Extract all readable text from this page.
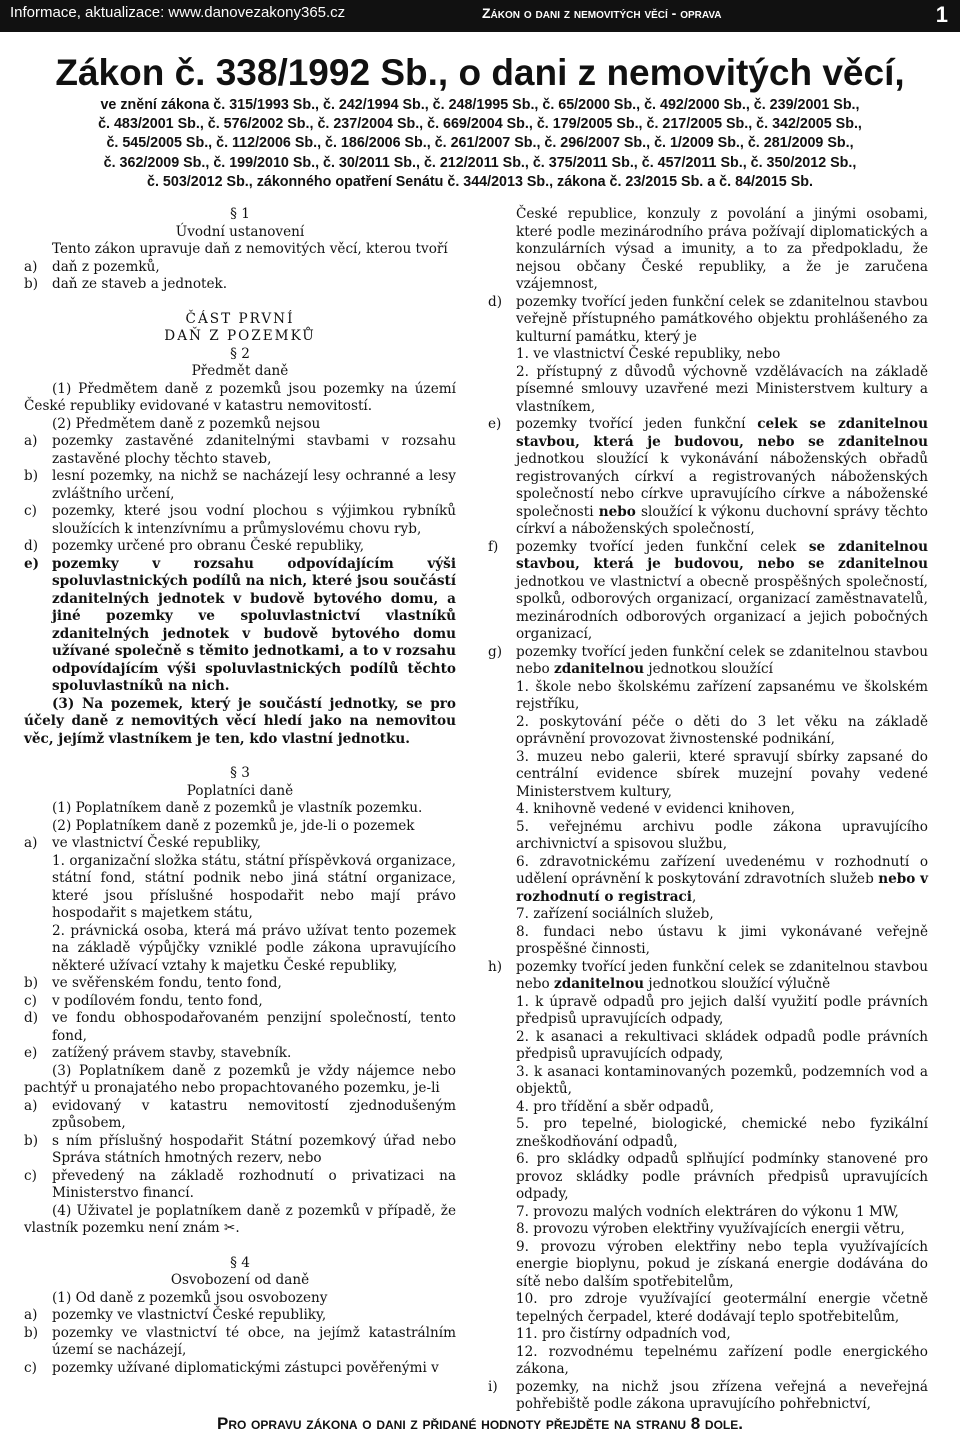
Informace, aktualizace: www.danovezakony365.cz	Zákon o dani z nemovitých věcí - oprava	1
Zákon č. 338/1992 Sb., o dani z nemovitých věcí,
ve znění zákona č. 315/1993 Sb., č. 242/1994 Sb., č. 248/1995 Sb., č. 65/2000 Sb., č. 492/2000 Sb., č. 239/2001 Sb.,
č. 483/2001 Sb., č. 576/2002 Sb., č. 237/2004 Sb., č. 669/2004 Sb., č. 179/2005 Sb., č. 217/2005 Sb., č. 342/2005 Sb.,
č. 545/2005 Sb., č. 112/2006 Sb., č. 186/2006 Sb., č. 261/2007 Sb., č. 296/2007 Sb., č. 1/2009 Sb., č. 281/2009 Sb.,
č. 362/2009 Sb., č. 199/2010 Sb., č. 30/2011 Sb., č. 212/2011 Sb., č. 375/2011 Sb., č. 457/2011 Sb., č. 350/2012 Sb.,
č. 503/2012 Sb., zákonného opatření Senátu č. 344/2013 Sb., zákona č. 23/2015 Sb. a č. 84/2015 Sb.
§ 1
Úvodní ustanovení
Tento zákon upravuje daň z nemovitých věcí, kterou tvoří
a) daň z pozemků,
b) daň ze staveb a jednotek.
ČÁST PRVNÍ
DAŇ Z POZEMKŮ
§ 2
Předmět daně
(1) Předmětem daně z pozemků jsou pozemky na území České republiky evidované v katastru nemovitostí.
(2) Předmětem daně z pozemků nejsou
a) pozemky zastavěné zdanitelnými stavbami v rozsahu zastavěné plochy těchto staveb,
b) lesní pozemky, na nichž se nacházejí lesy ochranné a lesy zvláštního určení,
c) pozemky, které jsou vodní plochou s výjimkou rybníků sloužících k intenzívnímu a průmyslovému chovu ryb,
d) pozemky určené pro obranu České republiky,
e) pozemky v rozsahu odpovídajícím výši spoluvlastnických podílů na nich, které jsou součástí zdanitelných jednotek v budově bytového domu, a jiné pozemky ve spoluvlastnictví vlastníků zdanitelných jednotek v budově bytového domu užívané společně s těmito jednotkami, a to v rozsahu odpovídajícím výši spoluvlastnických podílů těchto spoluvlastníků na nich.
(3) Na pozemek, který je součástí jednotky, se pro účely daně z nemovitých věcí hledí jako na nemovitou věc, jejímž vlastníkem je ten, kdo vlastní jednotku.
§ 3
Poplatníci daně
(1) Poplatníkem daně z pozemků je vlastník pozemku.
(2) Poplatníkem daně z pozemků je, jde-li o pozemek
a) ve vlastnictví České republiky,
1. organizační složka státu, státní příspěvková organizace, státní fond, státní podnik nebo jiná státní organizace, které jsou příslušné hospodařit nebo mají právo hospodařit s majetkem státu,
2. právnická osoba, která má právo užívat tento pozemek na základě výpůjčky vzniklé podle zákona upravujícího některé užívací vztahy k majetku České republiky,
b) ve svěřenském fondu, tento fond,
c) v podílovém fondu, tento fond,
d) ve fondu obhospodařovaném penzijní společností, tento fond,
e) zatížený právem stavby, stavebník.
(3) Poplatníkem daně z pozemků je vždy nájemce nebo pachtýř u pronajatého nebo propachtovaného pozemku, je-li
a) evidovaný v katastru nemovitostí zjednodušeným způsobem,
b) s ním příslušný hospodařit Státní pozemkový úřad nebo Správa státních hmotných rezerv, nebo
c) převedený na základě rozhodnutí o privatizaci na Ministerstvo financí.
(4) Uživatel je poplatníkem daně z pozemků v případě, že vlastník pozemku není znám ✂.
§ 4
Osvobození od daně
(1) Od daně z pozemků jsou osvobozeny
a) pozemky ve vlastnictví České republiky,
b) pozemky ve vlastnictví té obce, na jejímž katastrálním území se nacházejí,
c) pozemky užívané diplomatickými zástupci pověřenými v
České republice, konzuly z povolání a jinými osobami, které podle mezinárodního práva požívají diplomatických a konzulárních výsad a imunity, a to za předpokladu, že nejsou občany České republiky, a že je zaručena vzájemnost,
d) pozemky tvořící jeden funkční celek se zdanitelnou stavbou veřejně přístupného památkového objektu prohlášeného za kulturní památku, který je
1. ve vlastnictví České republiky, nebo
2. přístupný z důvodů výchovně vzdělávacích na základě písemné smlouvy uzavřené mezi Ministerstvem kultury a vlastníkem,
e) pozemky tvořící jeden funkční celek se zdanitelnou stavbou, která je budovou, nebo se zdanitelnou jednotkou sloužící k vykonávání náboženských obřadů registrovaných církví a registrovaných náboženských společností nebo církve upravujícího církve a náboženské společnosti nebo sloužící k výkonu duchovní správy těchto církví a náboženských společností,
f) pozemky tvořící jeden funkční celek se zdanitelnou stavbou, která je budovou, nebo se zdanitelnou jednotkou ve vlastnictví a obecně prospěšných společností, spolků, odborových organizací, organizací zaměstnavatelů, mezinárodních odborových organizací a jejich pobočných organizací,
g) pozemky tvořící jeden funkční celek se zdanitelnou stavbou nebo zdanitelnou jednotkou sloužící
1. škole nebo školskému zařízení zapsanému ve školském rejstříku,
2. poskytování péče o děti do 3 let věku na základě oprávnění provozovat živnostenské podnikání,
3. muzeu nebo galerii, které spravují sbírky zapsané do centrální evidence sbírek muzejní povahy vedené Ministerstvem kultury,
4. knihovně vedené v evidenci knihoven,
5. veřejnému archivu podle zákona upravujícího archivnictví a spisovou službu,
6. zdravotnickému zařízení uvedenému v rozhodnutí o udělení oprávnění k poskytování zdravotních služeb nebo v rozhodnutí o registraci,
7. zařízení sociálních služeb,
8. fundaci nebo ústavu k jimi vykonávané veřejně prospěšné činnosti,
h) pozemky tvořící jeden funkční celek se zdanitelnou stavbou nebo zdanitelnou jednotkou sloužící výlučně
1. k úpravě odpadů pro jejich další využití podle právních předpisů upravujících odpady,
2. k asanaci a rekultivaci skládek odpadů podle právních předpisů upravujících odpady,
3. k asanaci kontaminovaných pozemků, podzemních vod a objektů,
4. pro třídění a sběr odpadů,
5. pro tepelné, biologické, chemické nebo fyzikální zneškodňování odpadů,
6. pro skládky odpadů splňující podmínky stanovené pro provoz skládky podle právních předpisů upravujících odpady,
7. provozu malých vodních elektráren do výkonu 1 MW,
8. provozu výroben elektřiny využívajících energii větru,
9. provozu výroben elektřiny nebo tepla využívajících energie bioplynu, pokud je získaná energie dodávána do sítě nebo dalším spotřebitelům,
10. pro zdroje využívající geotermální energie včetně tepelných čerpadel, které dodávají teplo spotřebitelům,
11. pro čistírny odpadních vod,
12. rozvodnému tepelnému zařízení podle energického zákona,
i) pozemky, na nichž jsou zřízena veřejná a neveřejná pohřebiště podle zákona upravujícího pohřebnictví,
Pro opravu zákona o dani z přidané hodnoty přejděte na stranu 8 dole.
